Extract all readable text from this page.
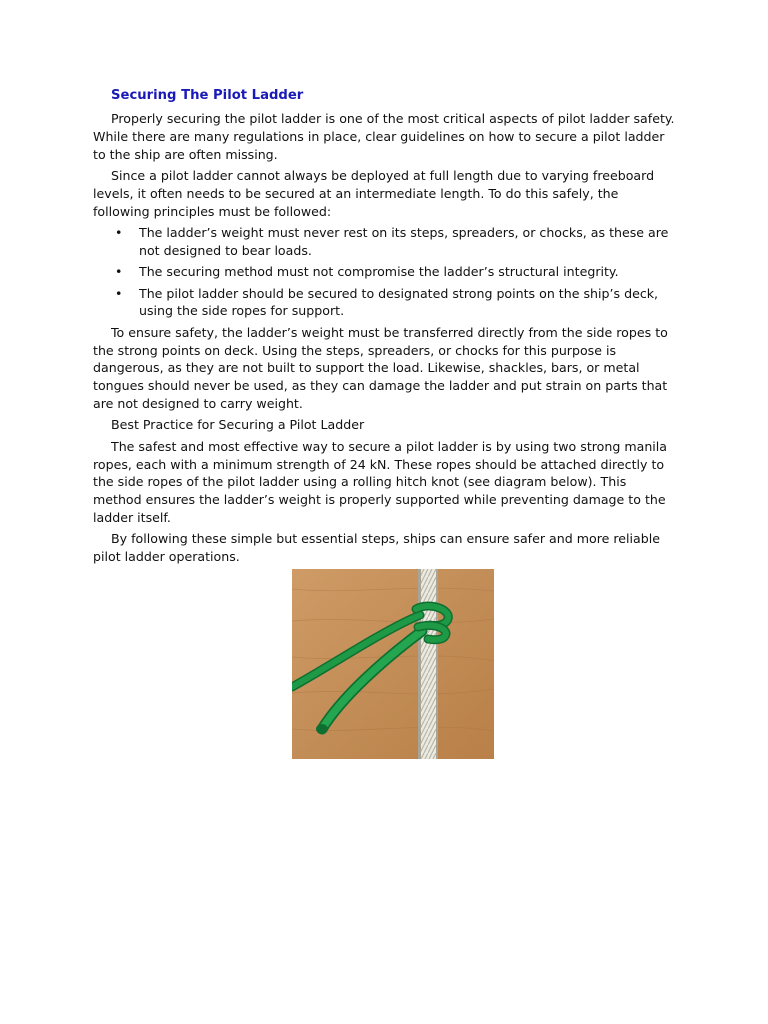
Securing The Pilot Ladder

Properly securing the pilot ladder is one of the most critical aspects of pilot ladder safety. While there are many regulations in place, clear guidelines on how to secure a pilot ladder to the ship are often missing.

Since a pilot ladder cannot always be deployed at full length due to varying freeboard levels, it often needs to be secured at an intermediate length. To do this safely, the following principles must be followed:

• The ladder’s weight must never rest on its steps, spreaders, or chocks, as these are not designed to bear loads.
• The securing method must not compromise the ladder’s structural integrity.
• The pilot ladder should be secured to designated strong points on the ship’s deck, using the side ropes for support.

To ensure safety, the ladder’s weight must be transferred directly from the side ropes to the strong points on deck. Using the steps, spreaders, or chocks for this purpose is dangerous, as they are not built to support the load. Likewise, shackles, bars, or metal tongues should never be used, as they can damage the ladder and put strain on parts that are not designed to carry weight.

Best Practice for Securing a Pilot Ladder

The safest and most effective way to secure a pilot ladder is by using two strong manila ropes, each with a minimum strength of 24 kN. These ropes should be attached directly to the side ropes of the pilot ladder using a rolling hitch knot (see diagram below). This method ensures the ladder’s weight is properly supported while preventing damage to the ladder itself.

By following these simple but essential steps, ships can ensure safer and more reliable pilot ladder operations.
